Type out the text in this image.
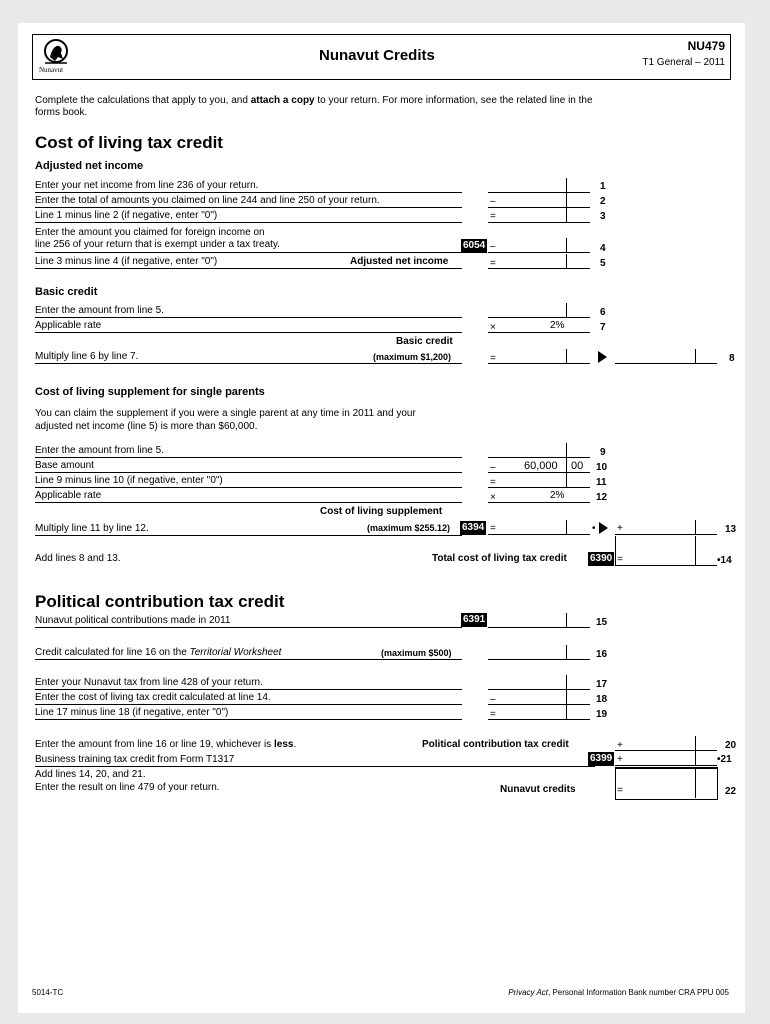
Nunavut
Nunavut Credits
NU479
T1 General – 2011
Complete the calculations that apply to you, and attach a copy to your return. For more information, see the related line in the
forms book.
Cost of living tax credit
Adjusted net income
Enter your net income from line 236 of your return.	1
Enter the total of amounts you claimed on line 244 and line 250 of your return.	–	2
Line 1 minus line 2 (if negative, enter "0")	=	3
Enter the amount you claimed for foreign income on
line 256 of your return that is exempt under a tax treaty.	6054 –	4
Line 3 minus line 4 (if negative, enter "0")	Adjusted net income	=	5
Basic credit
Enter the amount from line 5.	6
Applicable rate	×	2%	7
Basic credit
(maximum $1,200)
Multiply line 6 by line 7.	=	8
Cost of living supplement for single parents
You can claim the supplement if you were a single parent at any time in 2011 and your
adjusted net income (line 5) is more than $60,000.
Enter the amount from line 5.	9
Base amount	–	60,000 00 10
Line 9 minus line 10 (if negative, enter "0")	=	11
Applicable rate	×	2%	12
Cost of living supplement
(maximum $255.12) 6394
Multiply line 11 by line 12.	=	• +	13
Add lines 8 and 13.	Total cost of living tax credit 6390 =	•14
Political contribution tax credit
Nunavut political contributions made in 2011	6391	15
Credit calculated for line 16 on the Territorial Worksheet	(maximum $500)	16
Enter your Nunavut tax from line 428 of your return.	17
Enter the cost of living tax credit calculated at line 14.	–	18
Line 17 minus line 18 (if negative, enter "0")	=	19
Enter the amount from line 16 or line 19, whichever is less.	Political contribution tax credit	+	20
Business training tax credit from Form T1317	6399 +	•21
Add lines 14, 20, and 21.
Enter the result on line 479 of your return.	Nunavut credits	=	22
5014-TC	Privacy Act, Personal Information Bank number CRA PPU 005
